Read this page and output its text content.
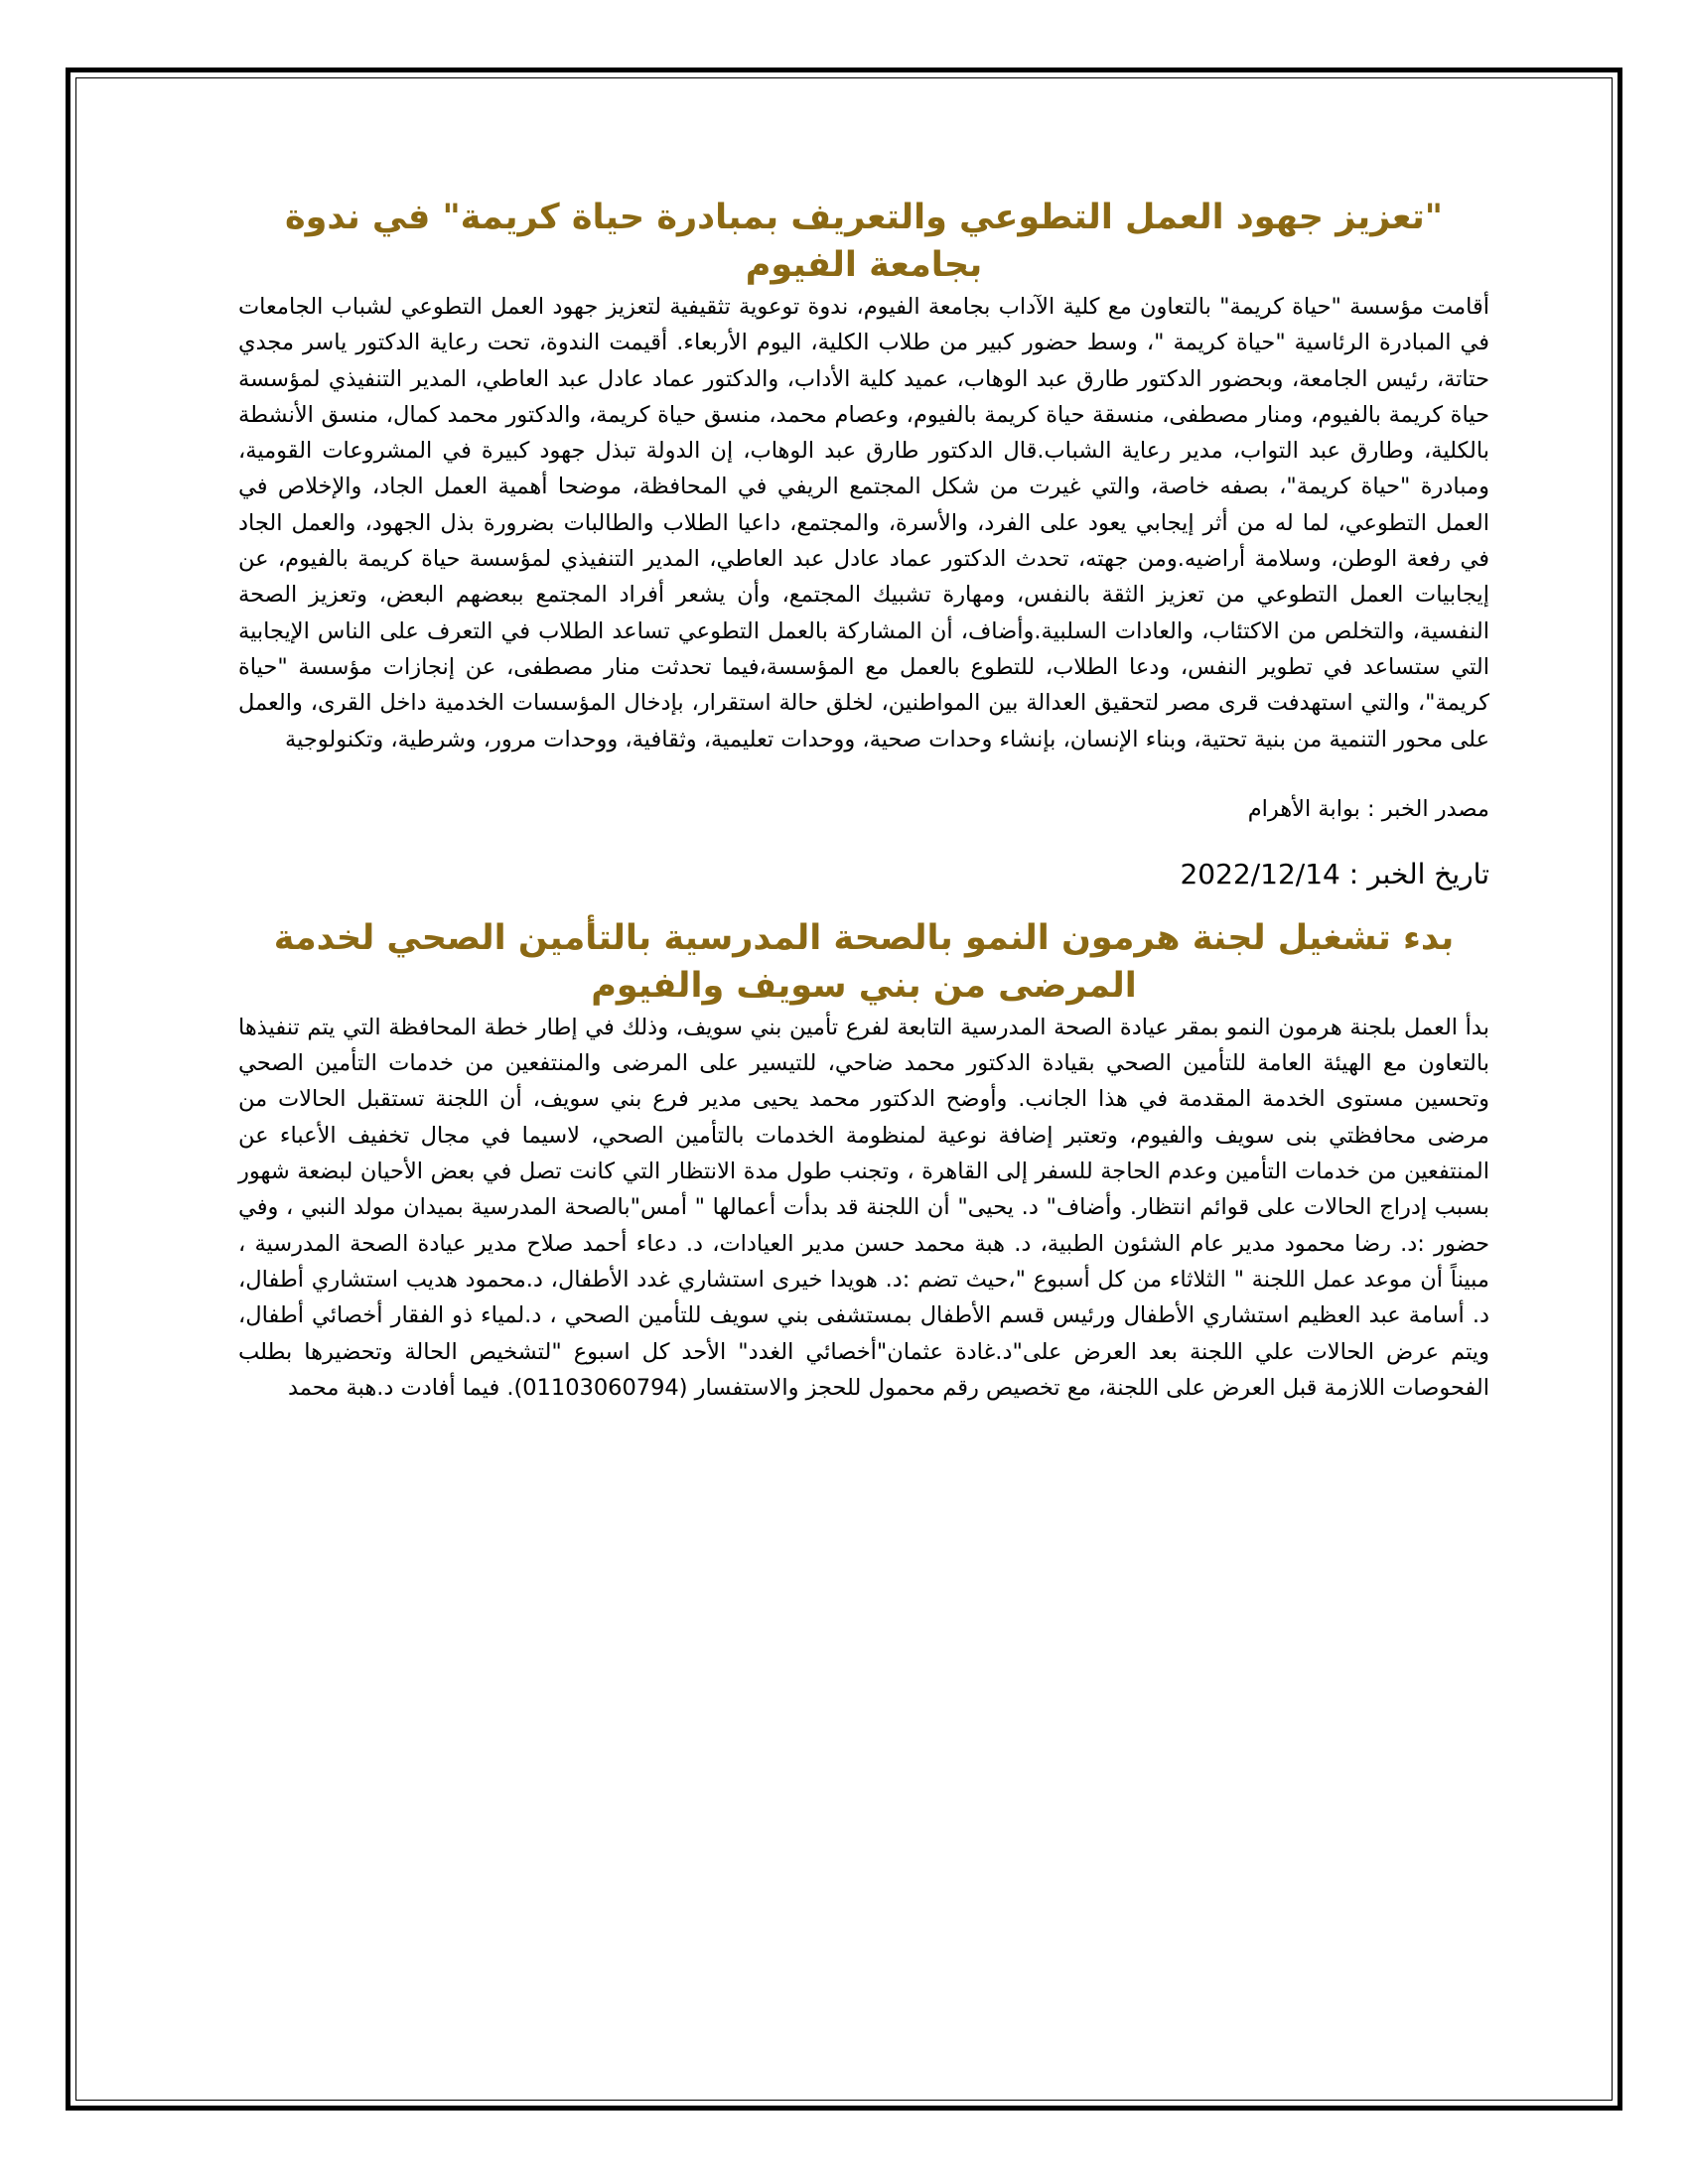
"تعزيز جهود العمل التطوعي والتعريف بمبادرة حياة كريمة" في ندوة بجامعة الفيوم

أقامت مؤسسة "حياة كريمة" بالتعاون مع كلية الآداب بجامعة الفيوم، ندوة توعوية تثقيفية لتعزيز جهود العمل التطوعي لشباب الجامعات في المبادرة الرئاسية "حياة كريمة "، وسط حضور كبير من طلاب الكلية، اليوم الأربعاء. أقيمت الندوة، تحت رعاية الدكتور ياسر مجدي حتاتة، رئيس الجامعة، وبحضور الدكتور طارق عبد الوهاب، عميد كلية الأداب، والدكتور عماد عادل عبد العاطي، المدير التنفيذي لمؤسسة حياة كريمة بالفيوم، ومنار مصطفى، منسقة حياة كريمة بالفيوم، وعصام محمد، منسق حياة كريمة، والدكتور محمد كمال، منسق الأنشطة بالكلية، وطارق عبد التواب، مدير رعاية الشباب.قال الدكتور طارق عبد الوهاب، إن الدولة تبذل جهود كبيرة في المشروعات القومية، ومبادرة "حياة كريمة"، بصفه خاصة، والتي غيرت من شكل المجتمع الريفي في المحافظة، موضحا أهمية العمل الجاد، والإخلاص في العمل التطوعي، لما له من أثر إيجابي يعود على الفرد، والأسرة، والمجتمع، داعيا الطلاب والطالبات بضرورة بذل الجهود، والعمل الجاد في رفعة الوطن، وسلامة أراضيه.ومن جهته، تحدث الدكتور عماد عادل عبد العاطي، المدير التنفيذي لمؤسسة حياة كريمة بالفيوم، عن إيجابيات العمل التطوعي من تعزيز الثقة بالنفس، ومهارة تشبيك المجتمع، وأن يشعر أفراد المجتمع ببعضهم البعض، وتعزيز الصحة النفسية، والتخلص من الاكتئاب، والعادات السلبية.وأضاف، أن المشاركة بالعمل التطوعي تساعد الطلاب في التعرف على الناس الإيجابية التي ستساعد في تطوير النفس، ودعا الطلاب، للتطوع بالعمل مع المؤسسة،فيما تحدثت منار مصطفى، عن إنجازات مؤسسة "حياة كريمة"، والتي استهدفت قرى مصر لتحقيق العدالة بين المواطنين، لخلق حالة استقرار، بإدخال المؤسسات الخدمية داخل القرى، والعمل على محور التنمية من بنية تحتية، وبناء الإنسان، بإنشاء وحدات صحية، ووحدات تعليمية، وثقافية، ووحدات مرور، وشرطية، وتكنولوجية

مصدر الخبر : بوابة الأهرام

تاريخ الخبر : 2022/12/14

بدء تشغيل لجنة هرمون النمو بالصحة المدرسية بالتأمين الصحي لخدمة المرضى من بني سويف والفيوم

بدأ العمل بلجنة هرمون النمو بمقر عيادة الصحة المدرسية التابعة لفرع تأمين بني سويف، وذلك في إطار خطة المحافظة التي يتم تنفيذها بالتعاون مع الهيئة العامة للتأمين الصحي بقيادة الدكتور محمد ضاحي، للتيسير على المرضى والمنتفعين من خدمات التأمين الصحي وتحسين مستوى الخدمة المقدمة في هذا الجانب. وأوضح الدكتور محمد يحيى مدير فرع بني سويف، أن اللجنة تستقبل الحالات من مرضى محافظتي بنى سويف والفيوم، وتعتبر إضافة نوعية لمنظومة الخدمات بالتأمين الصحي، لاسيما في مجال تخفيف الأعباء عن المنتفعين من خدمات التأمين وعدم الحاجة للسفر إلى القاهرة ، وتجنب طول مدة الانتظار التي كانت تصل في بعض الأحيان لبضعة شهور بسبب إدراج الحالات على قوائم انتظار. وأضاف" د. يحيى" أن اللجنة قد بدأت أعمالها " أمس"بالصحة المدرسية بميدان مولد النبي ، وفي حضور :د. رضا محمود مدير عام الشئون الطبية، د. هبة محمد حسن مدير العيادات، د. دعاء أحمد صلاح مدير عيادة الصحة المدرسية ، مبيناً أن موعد عمل اللجنة " الثلاثاء من كل أسبوع "،حيث تضم :د. هويدا خيرى استشاري غدد الأطفال، د.محمود هديب استشاري أطفال، د. أسامة عبد العظيم استشاري الأطفال ورئيس قسم الأطفال بمستشفى بني سويف للتأمين الصحي ، د.لمياء ذو الفقار أخصائي أطفال، ويتم عرض الحالات علي اللجنة بعد العرض على"د.غادة عثمان"أخصائي الغدد" الأحد كل اسبوع "لتشخيص الحالة وتحضيرها بطلب الفحوصات اللازمة قبل العرض على اللجنة، مع تخصيص رقم محمول للحجز والاستفسار (01103060794). فيما أفادت د.هبة محمد
